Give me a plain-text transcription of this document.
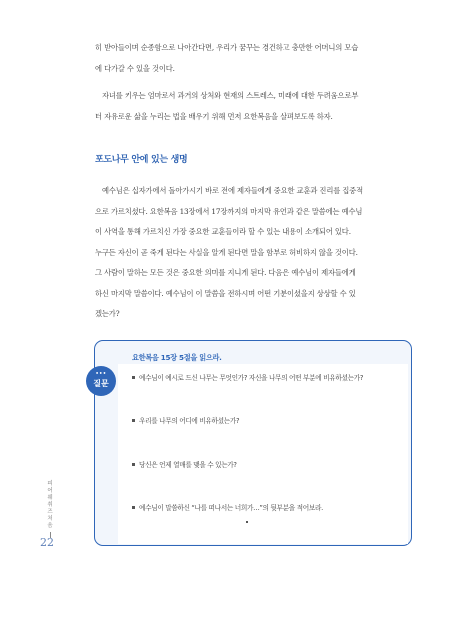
히 받아들이며 순종함으로 나아간다면, 우리가 꿈꾸는 경건하고 충만한 어머니의 모습
에 다가갈 수 있을 것이다.
자녀를 키우는 엄마로서 과거의 상처와 현재의 스트레스, 미래에 대한 두려움으로부
터 자유로운 삶을 누리는 법을 배우기 위해 먼저 요한복음을 살펴보도록 하자.
포도나무 안에 있는 생명
예수님은 십자가에서 돌아가시기 바로 전에 제자들에게 중요한 교훈과 진리를 집중적
으로 가르치셨다. 요한복음 13장에서 17장까지의 마지막 유언과 같은 말씀에는 예수님
이 사역을 통해 가르치신 가장 중요한 교훈들이라 할 수 있는 내용이 소개되어 있다.
누구든 자신이 곧 죽게 된다는 사실을 알게 된다면 말을 함부로 허비하지 않을 것이다.
그 사람이 말하는 모든 것은 중요한 의미를 지니게 된다. 다음은 예수님이 제자들에게
하신 마지막 말씀이다. 예수님이 이 말씀을 전하시며 어떤 기분이셨을지 상상할 수 있
겠는가?
•••
질문
요한복음 15장 5절을 읽으라.
예수님이 예시로 드신 나무는 무엇인가? 자신을 나무의 어떤 부분에 비유하셨는가?
우리를 나무의 어디에 비유하셨는가?
당신은 언제 열매를 맺을 수 있는가?
예수님이 말씀하신 “나를 떠나서는 너희가…”의 뒷부분을 적어보라.
피
어
웨
취
즈
처
음
22
